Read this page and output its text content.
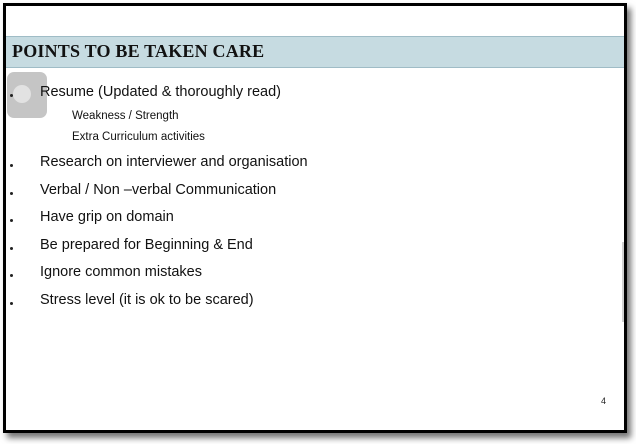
POINTS TO BE TAKEN CARE
Resume (Updated & thoroughly read)
Weakness / Strength
Extra Curriculum activities
Research on interviewer and organisation
Verbal / Non –verbal Communication
Have grip on domain
Be prepared for Beginning & End
Ignore common mistakes
Stress level (it is ok to be scared)
4
